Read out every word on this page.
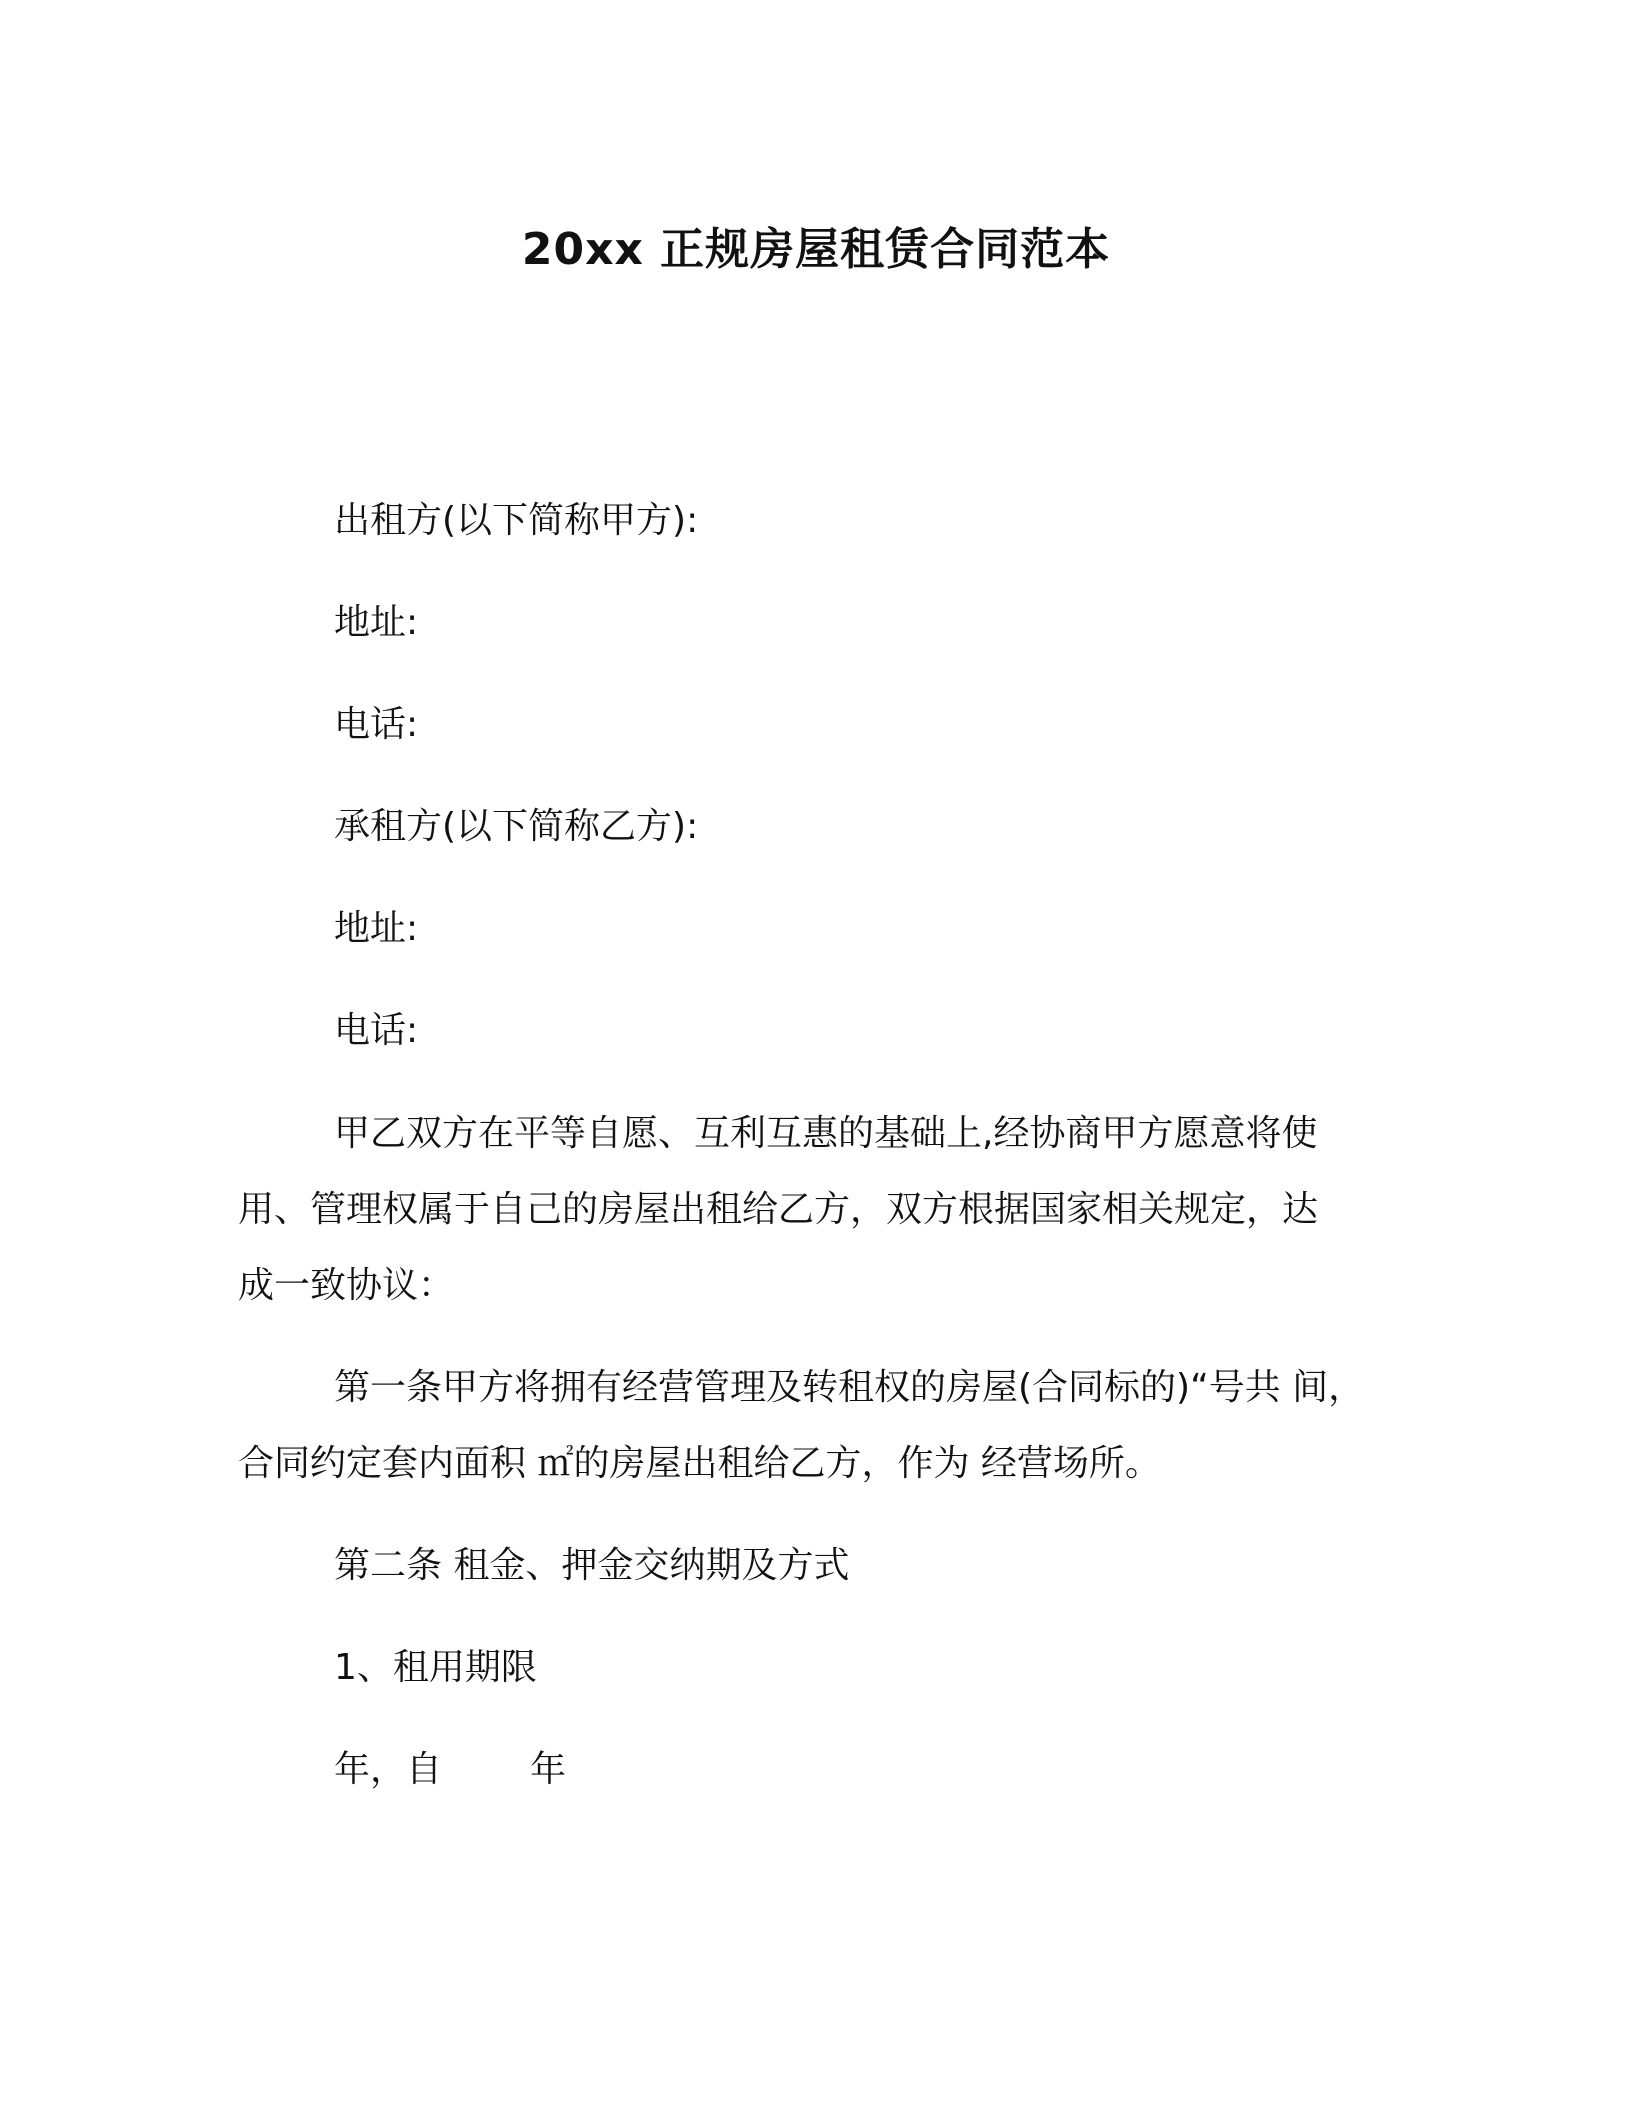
20xx 正规房屋租赁合同范本

出租方(以下简称甲方):

地址:

电话:

承租方(以下简称乙方):

地址:

电话:

甲乙双方在平等自愿、互利互惠的基础上,经协商甲方愿意将使

用、管理权属于自己的房屋出租给乙方，双方根据国家相关规定，达

成一致协议：

第一条甲方将拥有经营管理及转租权的房屋(合同标的)“号共 间，

合同约定套内面积 ㎡的房屋出租给乙方，作为 经营场所。

第二条 租金、押金交纳期及方式

1、租用期限

年，自 年
